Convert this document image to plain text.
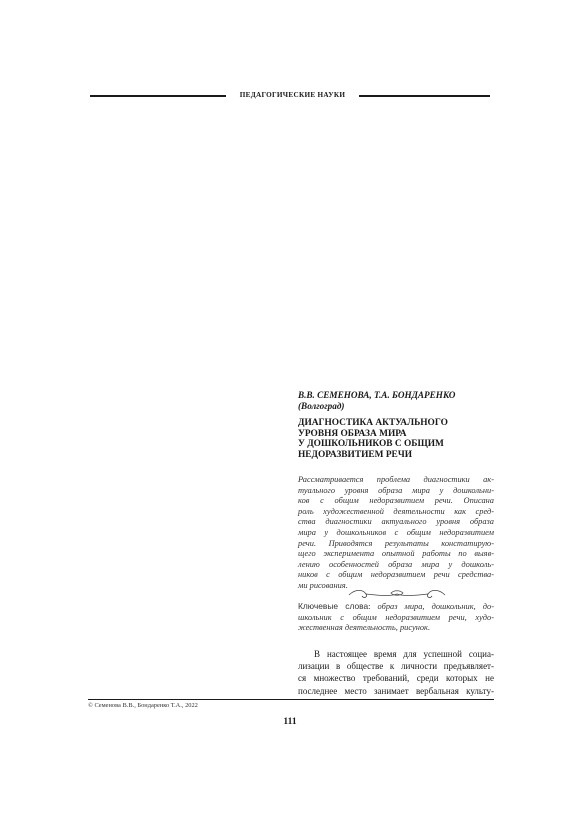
ПЕДАГОГИЧЕСКИЕ НАУКИ
В.В. СЕМЕНОВА, Т.А. БОНДАРЕНКО
(Волгоград)
ДИАГНОСТИКА АКТУАЛЬНОГО
УРОВНЯ ОБРАЗА МИРА
У ДОШКОЛЬНИКОВ С ОБЩИМ
НЕДОРАЗВИТИЕМ РЕЧИ
Рассматривается проблема диагностики ак-
туального уровня образа мира у дошкольни-
ков с общим недоразвитием речи. Описана
роль художественной деятельности как сред-
ства диагностики актуального уровня образа
мира у дошкольников с общим недоразвитием
речи. Приводятся результаты констатирую-
щего эксперимента опытной работы по выяв-
лению особенностей образа мира у дошколь-
ников с общим недоразвитием речи средства-
ми рисования.
Ключевые слова: образ мира, дошкольник, до-
школьник с общим недоразвитием речи, худо-
жественная деятельность, рисунок.
В настоящее время для успешной социа-
лизации в обществе к личности предъявляет-
ся множество требований, среди которых не
последнее место занимает вербальная культу-
© Семенова В.В., Бондаренко Т.А., 2022
111
